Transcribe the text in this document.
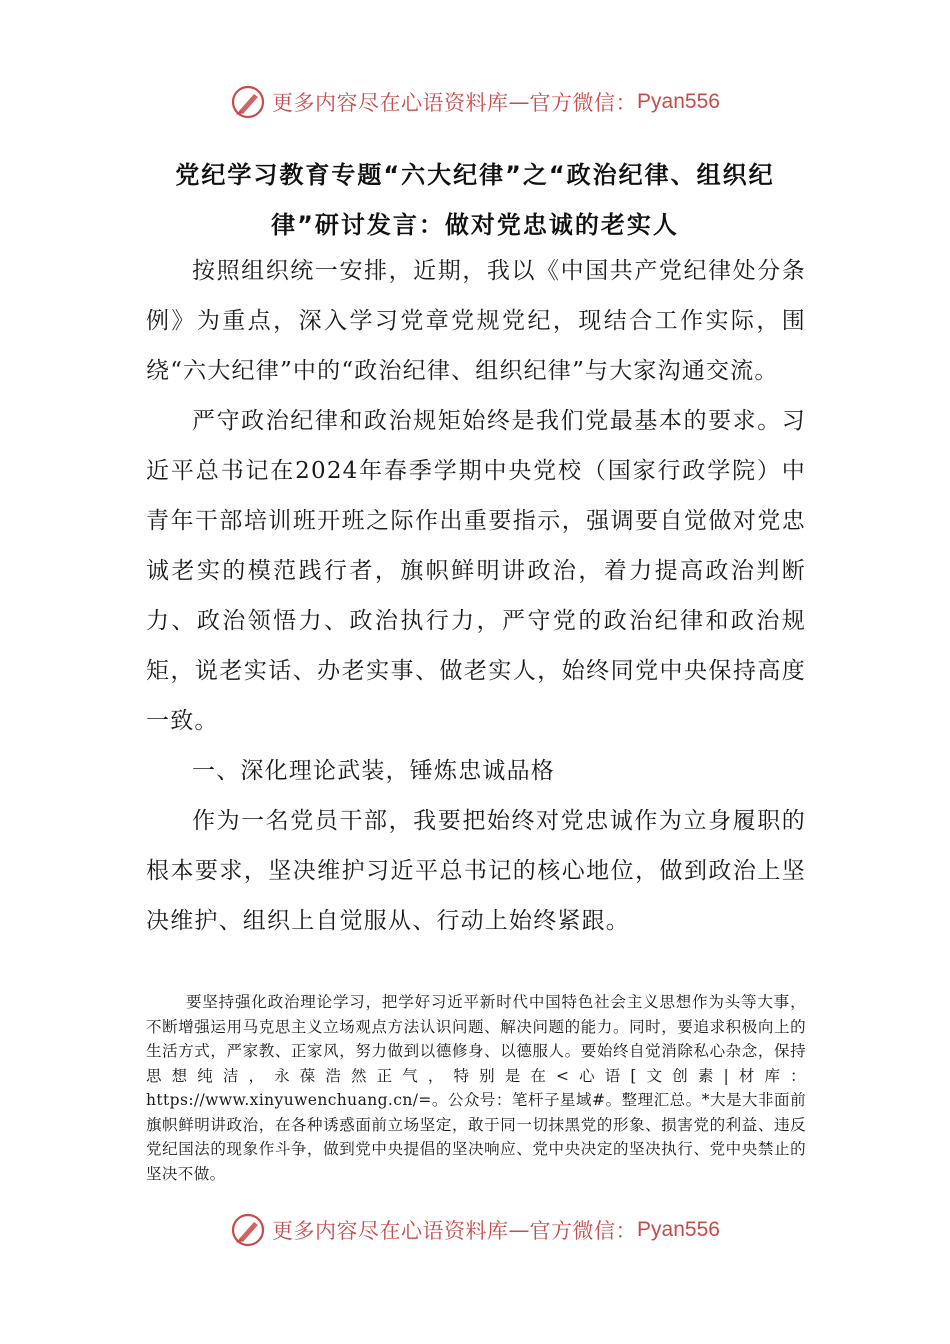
更多内容尽在心语资料库 — 官方微信： Pyan556
党纪学习教育专题“六大纪律”之“政治纪律、组织纪
律”研讨发言：做对党忠诚的老实人

按照组织统一安排，近期，我以《中国共产党纪律处分条例》为重点，深入学习党章党规党纪，现结合工作实际，围绕“六大纪律”中的“政治纪律、组织纪律”与大家沟通交流。

严守政治纪律和政治规矩始终是我们党最基本的要求。习近平总书记在2024年春季学期中央党校（国家行政学院）中青年干部培训班开班之际作出重要指示，强调要自觉做对党忠诚老实的模范践行者，旗帜鲜明讲政治，着力提高政治判断力、政治领悟力、政治执行力，严守党的政治纪律和政治规矩，说老实话、办老实事、做老实人，始终同党中央保持高度一致。

一、深化理论武装，锤炼忠诚品格

作为一名党员干部，我要把始终对党忠诚作为立身履职的根本要求，坚决维护习近平总书记的核心地位，做到政治上坚决维护、组织上自觉服从、行动上始终紧跟。

要坚持强化政治理论学习，把学好习近平新时代中国特色社会主义思想作为头等大事，不断增强运用马克思主义立场观点方法认识问题、解决问题的能力。同时，要追求积极向上的生活方式，严家教、正家风，努力做到以德修身、以德服人。要始终自觉消除私心杂念，保持思想纯洁，永葆浩然正气，特别是在<心语[文创素|材库：https://www.xinyuwenchuang.cn/=。公众号：笔杆子星域#。整理汇总。*大是大非面前旗帜鲜明讲政治，在各种诱惑面前立场坚定，敢于同一切抹黑党的形象、损害党的利益、违反党纪国法的现象作斗争，做到党中央提倡的坚决响应、党中央决定的坚决执行、党中央禁止的坚决不做。

更多内容尽在心语资料库 — 官方微信： Pyan556
